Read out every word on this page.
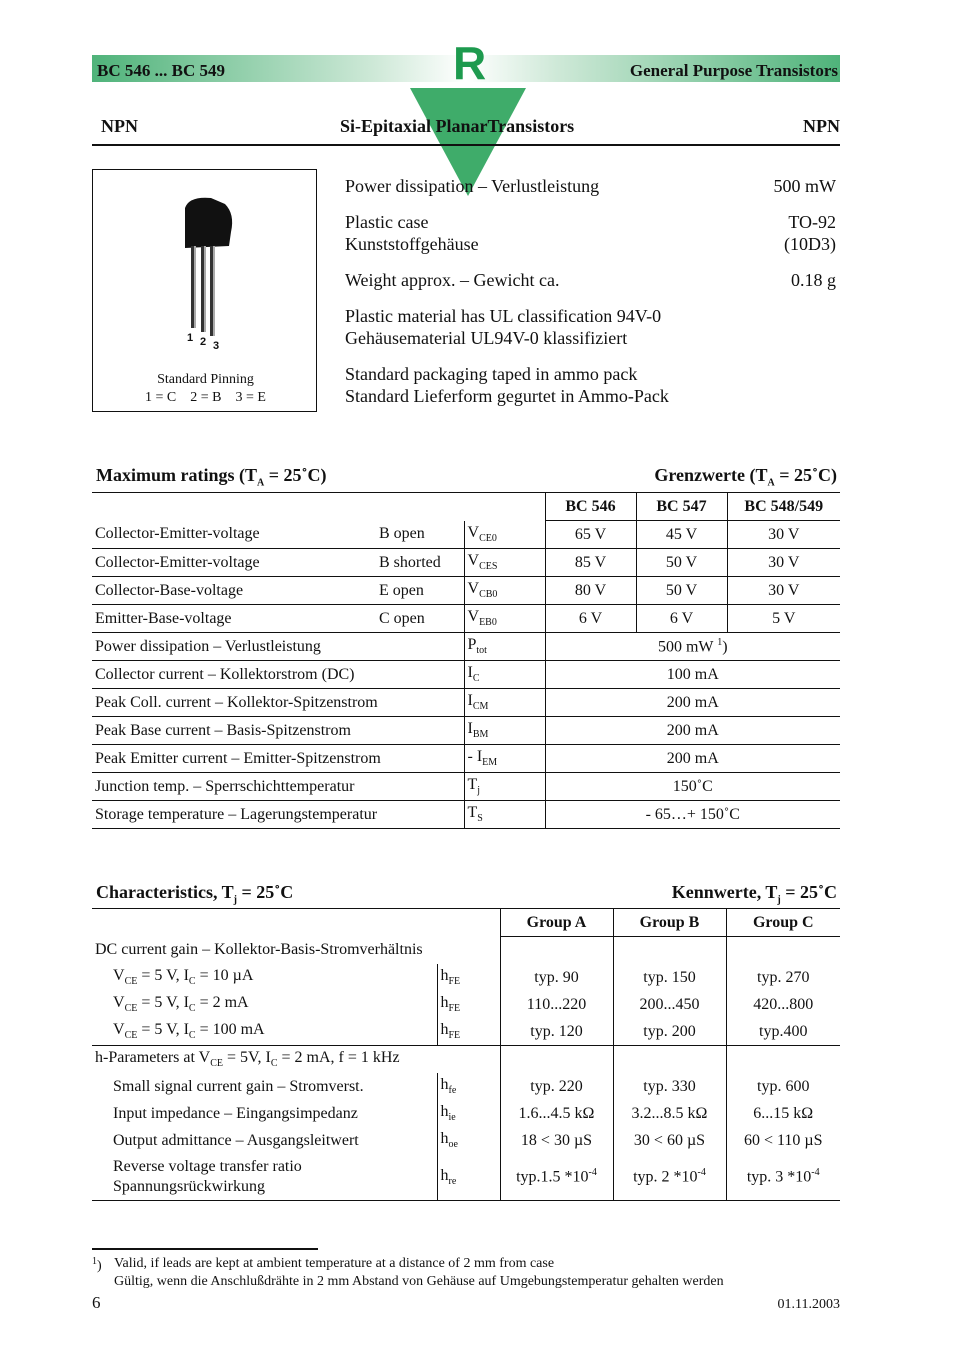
BC 546 ... BC 549	R	General Purpose Transistors
NPN	Si-Epitaxial PlanarTransistors	NPN
1 2 3
Standard Pinning
1 = C    2 = B    3 = E
Power dissipation – Verlustleistung	500 mW
Plastic case
Kunststoffgehäuse
TO-92
(10D3)
Weight approx. – Gewicht ca.	0.18 g
Plastic material has UL classification 94V-0
Gehäusematerial UL94V-0 klassifiziert
Standard packaging taped in ammo pack
Standard Lieferform gegurtet in Ammo-Pack
Maximum ratings ($T_A$ = 25˚C)	Grenzwerte ($T_A$ = 25˚C)
			BC 546	BC 547	BC 548/549
Collector-Emitter-voltage	B open	$V_{CE0}$	65 V	45 V	30 V
Collector-Emitter-voltage	B shorted	$V_{CES}$	85 V	50 V	30 V
Collector-Base-voltage	E open	$V_{CB0}$	80 V	50 V	30 V
Emitter-Base-voltage	C open	$V_{EB0}$	6 V	6 V	5 V
Power dissipation – Verlustleistung		$P_{tot}$	500 mW $^1$)		
Collector current – Kollektorstrom (DC)		$I_C$	100 mA		
Peak Coll. current – Kollektor-Spitzenstrom		$I_{CM}$	200 mA		
Peak Base current – Basis-Spitzenstrom		$I_{BM}$	200 mA		
Peak Emitter current – Emitter-Spitzenstrom		- $I_{EM}$	200 mA		
Junction temp. – Sperrschichttemperatur		$T_j$	150˚C		
Storage temperature – Lagerungstemperatur		$T_S$	- 65…+ 150˚C		
Characteristics, $T_j$ = 25˚C	Kennwerte, $T_j$ = 25˚C
		Group A	Group B	Group C
DC current gain – Kollektor-Basis-Stromverhältnis				
$V_{CE} = 5$ V, $I_C = 10$ µA	$h_{FE}$	typ. 90	typ. 150	typ. 270
$V_{CE} = 5$ V, $I_C = 2$ mA	$h_{FE}$	110...220	200...450	420...800
$V_{CE} = 5$ V, $I_C = 100$ mA	$h_{FE}$	typ. 120	typ. 200	typ.400
h-Parameters at $V_{CE} = 5V$, $I_C = 2$ mA, f = 1 kHz				
Small signal current gain – Stromverst.	$h_{fe}$	typ. 220	typ. 330	typ. 600
Input impedance – Eingangsimpedanz	$h_{ie}$	1.6...4.5 kΩ	3.2...8.5 kΩ	6...15 kΩ
Output admittance – Ausgangsleitwert	$h_{oe}$	18 < 30 µS	30 < 60 µS	60 < 110 µS

Reverse voltage transfer ratio
Spannungsrückwirkung	$h_{re}$	typ.1.5 $*10^{-4}$	typ. 2 $*10^{-4}$	typ. 3 $*10^{-4}$
$^1$) Valid, if leads are kept at ambient temperature at a distance of 2 mm from case
Gültig, wenn die Anschlußdrähte in 2 mm Abstand von Gehäuse auf Umgebungstemperatur gehalten werden
6	01.11.2003
